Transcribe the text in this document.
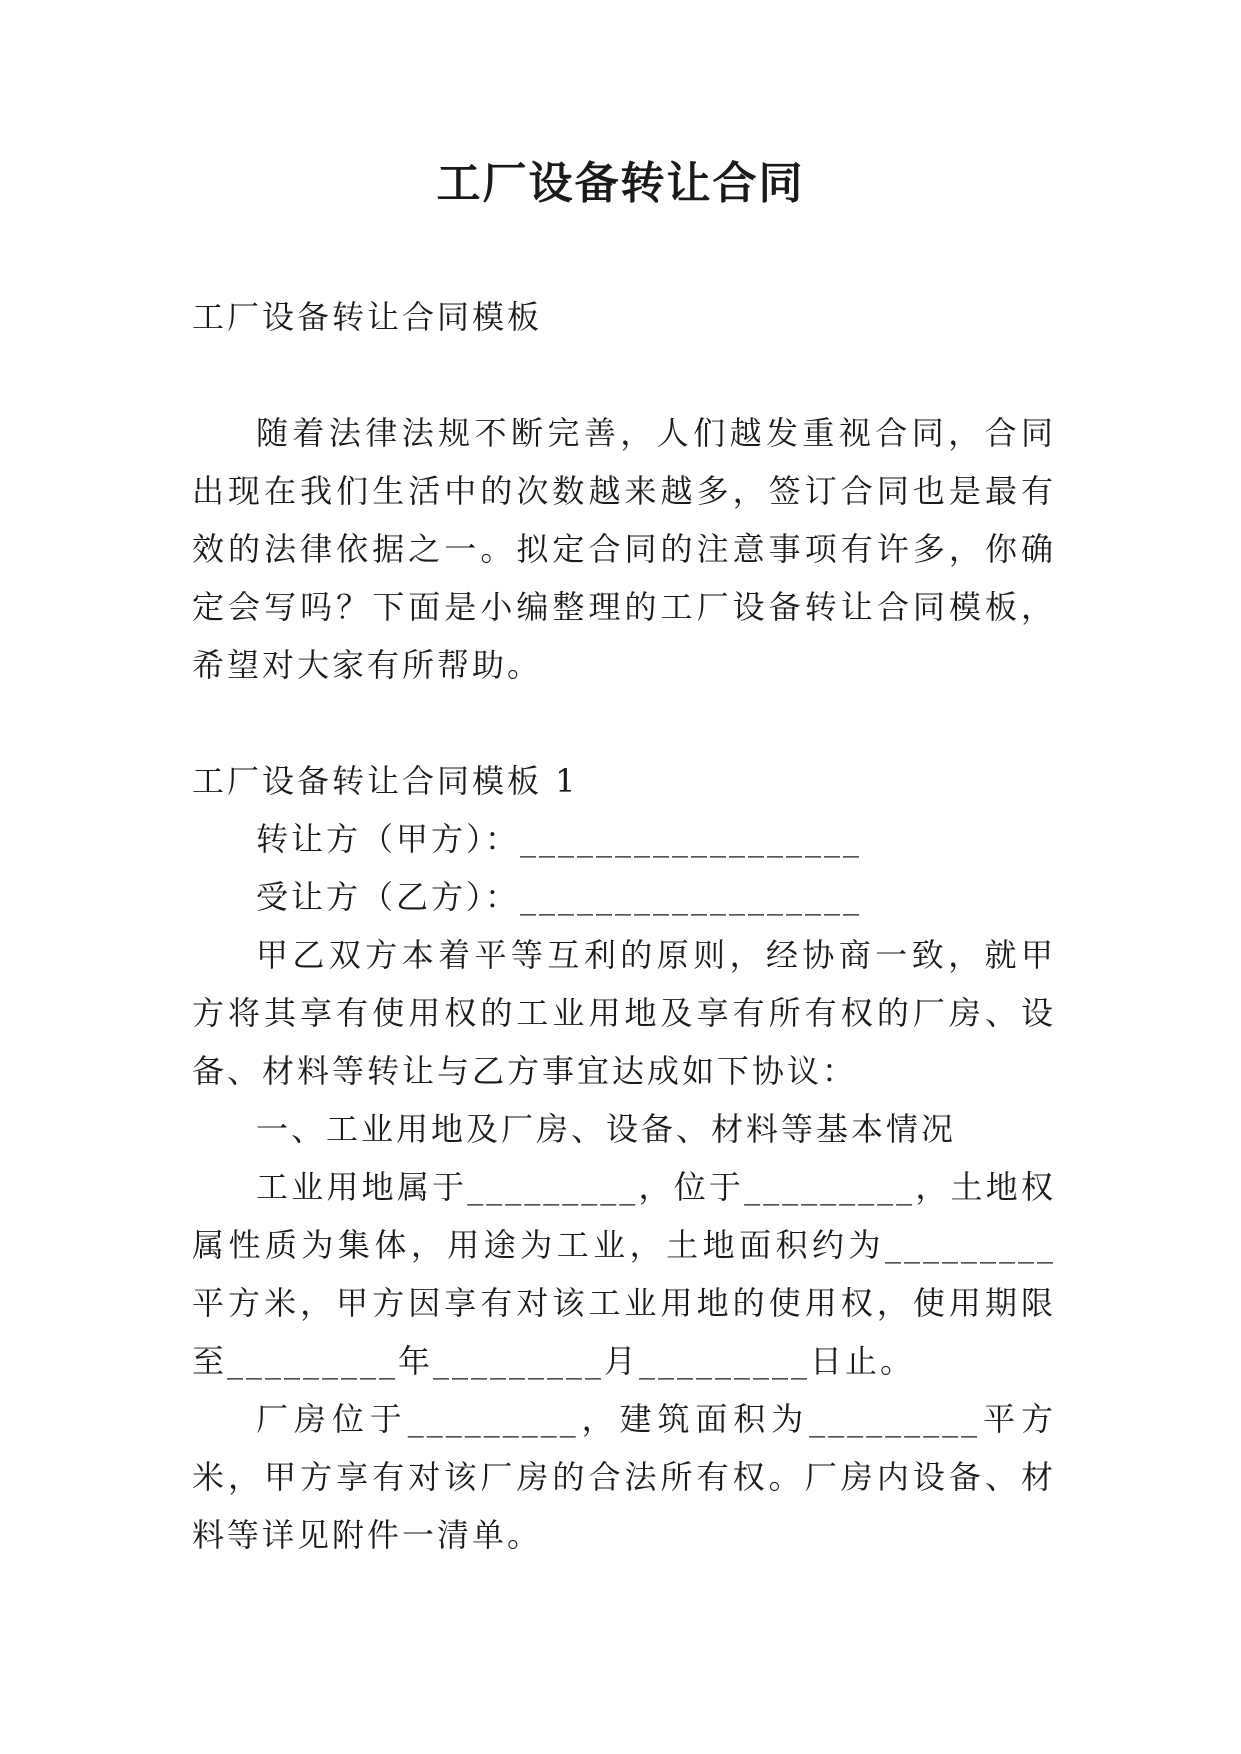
工厂设备转让合同

工厂设备转让合同模板

随着法律法规不断完善，人们越发重视合同，合同出现在我们生活中的次数越来越多，签订合同也是最有效的法律依据之一。拟定合同的注意事项有许多，你确定会写吗？下面是小编整理的工厂设备转让合同模板，希望对大家有所帮助。

工厂设备转让合同模板 1

转让方（甲方）：__________________

受让方（乙方）：__________________

甲乙双方本着平等互利的原则，经协商一致，就甲方将其享有使用权的工业用地及享有所有权的厂房、设备、材料等转让与乙方事宜达成如下协议：

一、工业用地及厂房、设备、材料等基本情况

工业用地属于_________，位于_________，土地权属性质为集体，用途为工业，土地面积约为_________平方米，甲方因享有对该工业用地的使用权，使用期限至_________年_________月_________日止。

厂房位于_________，建筑面积为_________平方米，甲方享有对该厂房的合法所有权。厂房内设备、材料等详见附件一清单。
